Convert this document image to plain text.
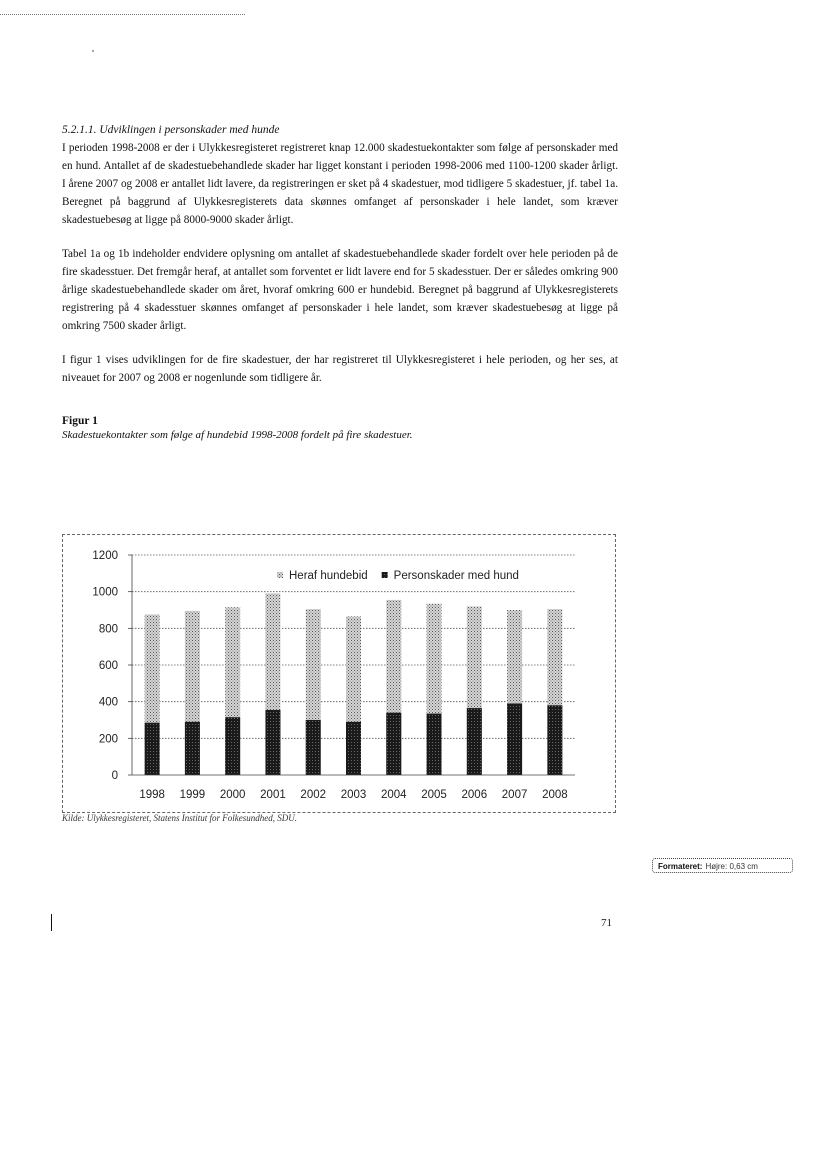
5.2.1.1. Udviklingen i personskader med hunde

I perioden 1998-2008 er der i Ulykkesregisteret registreret knap 12.000 skadestuekontakter som følge af personskader med en hund. Antallet af de skadestuebehandlede skader har ligget konstant i perioden 1998-2006 med 1100-1200 skader årligt. I årene 2007 og 2008 er antallet lidt lavere, da registreringen er sket på 4 skadestuer, mod tidligere 5 skadestuer, jf. tabel 1a. Beregnet på baggrund af Ulykkesregisterets data skønnes omfanget af personskader i hele landet, som kræver skadestuebesøg at ligge på 8000-9000 skader årligt.

Tabel 1a og 1b indeholder endvidere oplysning om antallet af skadestuebehandlede skader fordelt over hele perioden på de fire skadesstuer. Det fremgår heraf, at antallet som forventet er lidt lavere end for 5 skadesstuer. Der er således omkring 900 årlige skadestuebehandlede skader om året, hvoraf omkring 600 er hundebid. Beregnet på baggrund af Ulykkesregisterets registrering på 4 skadesstuer skønnes omfanget af personskader i hele landet, som kræver skadestuebesøg at ligge på omkring 7500 skader årligt.

I figur 1 vises udviklingen for de fire skadestuer, der har registreret til Ulykkesregisteret i hele perioden, og her ses, at niveauet for 2007 og 2008 er nogenlunde som tidligere år.

Figur 1

Skadestuekontakter som følge af hundebid 1998-2008 fordelt på fire skadestuer.

0
200
400
600
800
1000
1200
1998 1999 2000 2001 2002 2003 2004 2005 2006 2007 2008
Heraf hundebid Personskader med hund
Kilde: Ulykkesregisteret, Statens Institut for Folkesundhed, SDU.
Formateret: Højre: 0,63 cm
71
